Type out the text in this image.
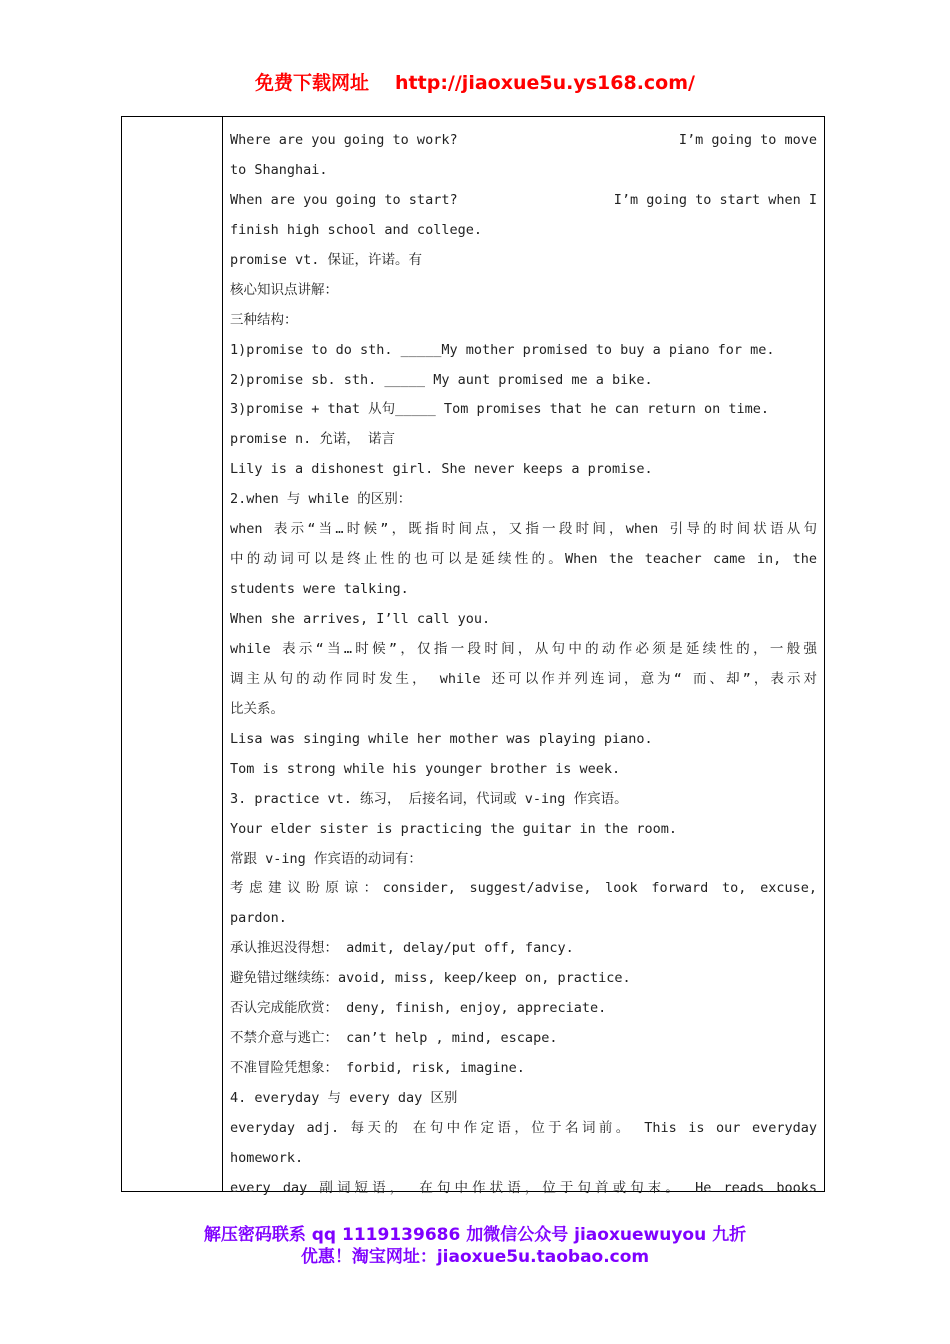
免费下载网址 http://jiaoxue5u.ys168.com/
Where are you going to work?	I’m going to move
to Shanghai.
When are you going to start?	I’m going to start when I
finish high school and college.
promise vt. 保证，许诺。有
核心知识点讲解：
三种结构：
1)promise to do sth. _____My mother promised to buy a piano for me.
2)promise sb. sth. _____ My aunt promised me a bike.
3)promise + that 从句_____ Tom promises that he can return on time.
promise n. 允诺， 诺言
Lily is a dishonest girl. She never keeps a promise.
2.when 与 while 的区别：
when 表示“当…时候”，既指时间点，又指一段时间，when 引导的时间状语从句
中的动词可以是终止性的也可以是延续性的。When the teacher came in, the
students were talking.
When she arrives, I’ll call you.
while 表示“当…时候”，仅指一段时间，从句中的动作必须是延续性的，一般强
调主从句的动作同时发生， while 还可以作并列连词，意为“ 而、却”，表示对
比关系。
Lisa was singing while her mother was playing piano.
Tom is strong while his younger brother is week.
3. practice vt. 练习， 后接名词，代词或 v-ing 作宾语。
Your elder sister is practicing the guitar in the room.
常跟 v-ing 作宾语的动词有：
考虑建议盼原谅：consider, suggest/advise, look forward to, excuse,
pardon.
承认推迟没得想： admit, delay/put off, fancy.
避免错过继续练：avoid, miss, keep/keep on, practice.
否认完成能欣赏： deny, finish, enjoy, appreciate.
不禁介意与逃亡： can’t help , mind, escape.
不准冒险凭想象： forbid, risk, imagine.
4. everyday 与 every day 区别
everyday adj. 每天的 在句中作定语，位于名词前。 This is our everyday
homework.
every day 副词短语， 在句中作状语，位于句首或句末。 He reads books
解压密码联系 qq 1119139686 加微信公众号 jiaoxuewuyou 九折
优惠！淘宝网址：jiaoxue5u.taobao.com
